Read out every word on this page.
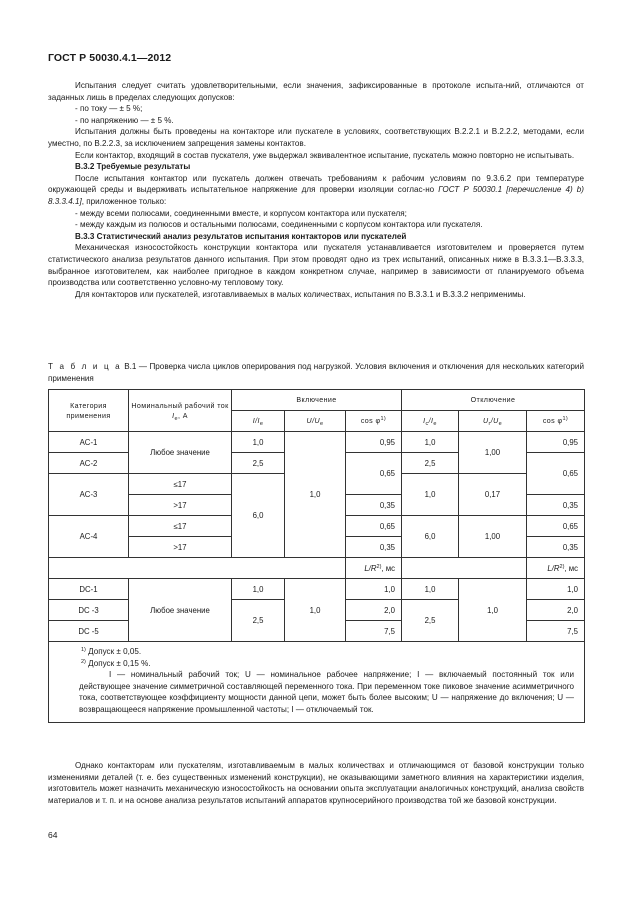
ГОСТ Р 50030.4.1—2012

Испытания следует считать удовлетворительными, если значения, зафиксированные в протоколе испыта-ний, отличаются от заданных лишь в пределах следующих допусков:

- по току — ± 5 %;

- по напряжению — ± 5 %.

Испытания должны быть проведены на контакторе или пускателе в условиях, соответствующих B.2.2.1 и B.2.2.2, методами, если уместно, по B.2.2.3, за исключением запрещения замены контактов.

Если контактор, входящий в состав пускателя, уже выдержал эквивалентное испытание, пускатель можно повторно не испытывать.

B.3.2 Требуемые результаты

После испытания контактор или пускатель должен отвечать требованиям к рабочим условиям по 9.3.6.2 при температуре окружающей среды и выдерживать испытательное напряжение для проверки изоляции соглас-но ГОСТ Р 50030.1 [перечисление 4) b) 8.3.3.4.1], приложенное только:

- между всеми полюсами, соединенными вместе, и корпусом контактора или пускателя;

- между каждым из полюсов и остальными полюсами, соединенными с корпусом контактора или пускателя.

B.3.3 Статистический анализ результатов испытания контакторов или пускателей

Механическая износостойкость конструкции контактора или пускателя устанавливается изготовителем и проверяется путем статистического анализа результатов данного испытания. При этом проводят одно из трех испытаний, описанных ниже в B.3.3.1—B.3.3.3, выбранное изготовителем, как наиболее пригодное в каждом конкретном случае, например в зависимости от планируемого объема производства или соответственно условно-му тепловому току.

Для контакторов или пускателей, изготавливаемых в малых количествах, испытания по B.3.3.1 и B.3.3.2 неприменимы.

Т а б л и ц а B.1 — Проверка числа циклов оперирования под нагрузкой. Условия включения и отключения для нескольких категорий применения
Категория применения	Номинальный рабочий ток $I_e$, А	Включение			Отключение		
		$I/I_e$	$U/U_e$	$\cos \varphi^{1)}$	$I_c/I_e$	$U_r/U_e$	$\cos \varphi^{1)}$
AC-1	Любое значение	1,0	1,0	0,95	1,0	1,00	0,95
AC-2		2,5		0,65	2,5		0,65
AC-3	≤17	6,0			1,0	0,17	
	>17			0,35			0,35
AC-4	≤17			0,65	6,0	1,00	0,65
	>17			0,35			0,35
				$L/R^{2)}$, мс			$L/R^{2)}$, мс
DC-1	Любое значение	1,0	1,0	1,0	1,0	1,0	1,0
DC -3		2,5		2,0	2,5		2,0
DC -5				7,5			7,5

$^{1)}$ Допуск ± 0,05.

$^{2)}$ Допуск ± 0,15 %.

I — номинальный рабочий ток; U — номинальное рабочее напряжение; I — включаемый постоянный ток или действующее значение симметричной составляющей переменного тока. При переменном токе пиковое значение асимметричного тока, соответствующее коэффициенту мощности данной цепи, может быть более высоким; U — напряжение до включения; U — возвращающееся напряжение промышленной частоты; I — отключаемый ток.							

Однако контакторам или пускателям, изготавливаемым в малых количествах и отличающимся от базовой конструкции только изменениями деталей (т. е. без существенных изменений конструкции), не оказывающими заметного влияния на характеристики изделия, изготовитель может назначить механическую износостойкость на основании опыта эксплуатации аналогичных конструкций, анализа свойств материалов и т. п. и на основе анализа результатов испытаний аппаратов крупносерийного производства той же базовой конструкции.

64
